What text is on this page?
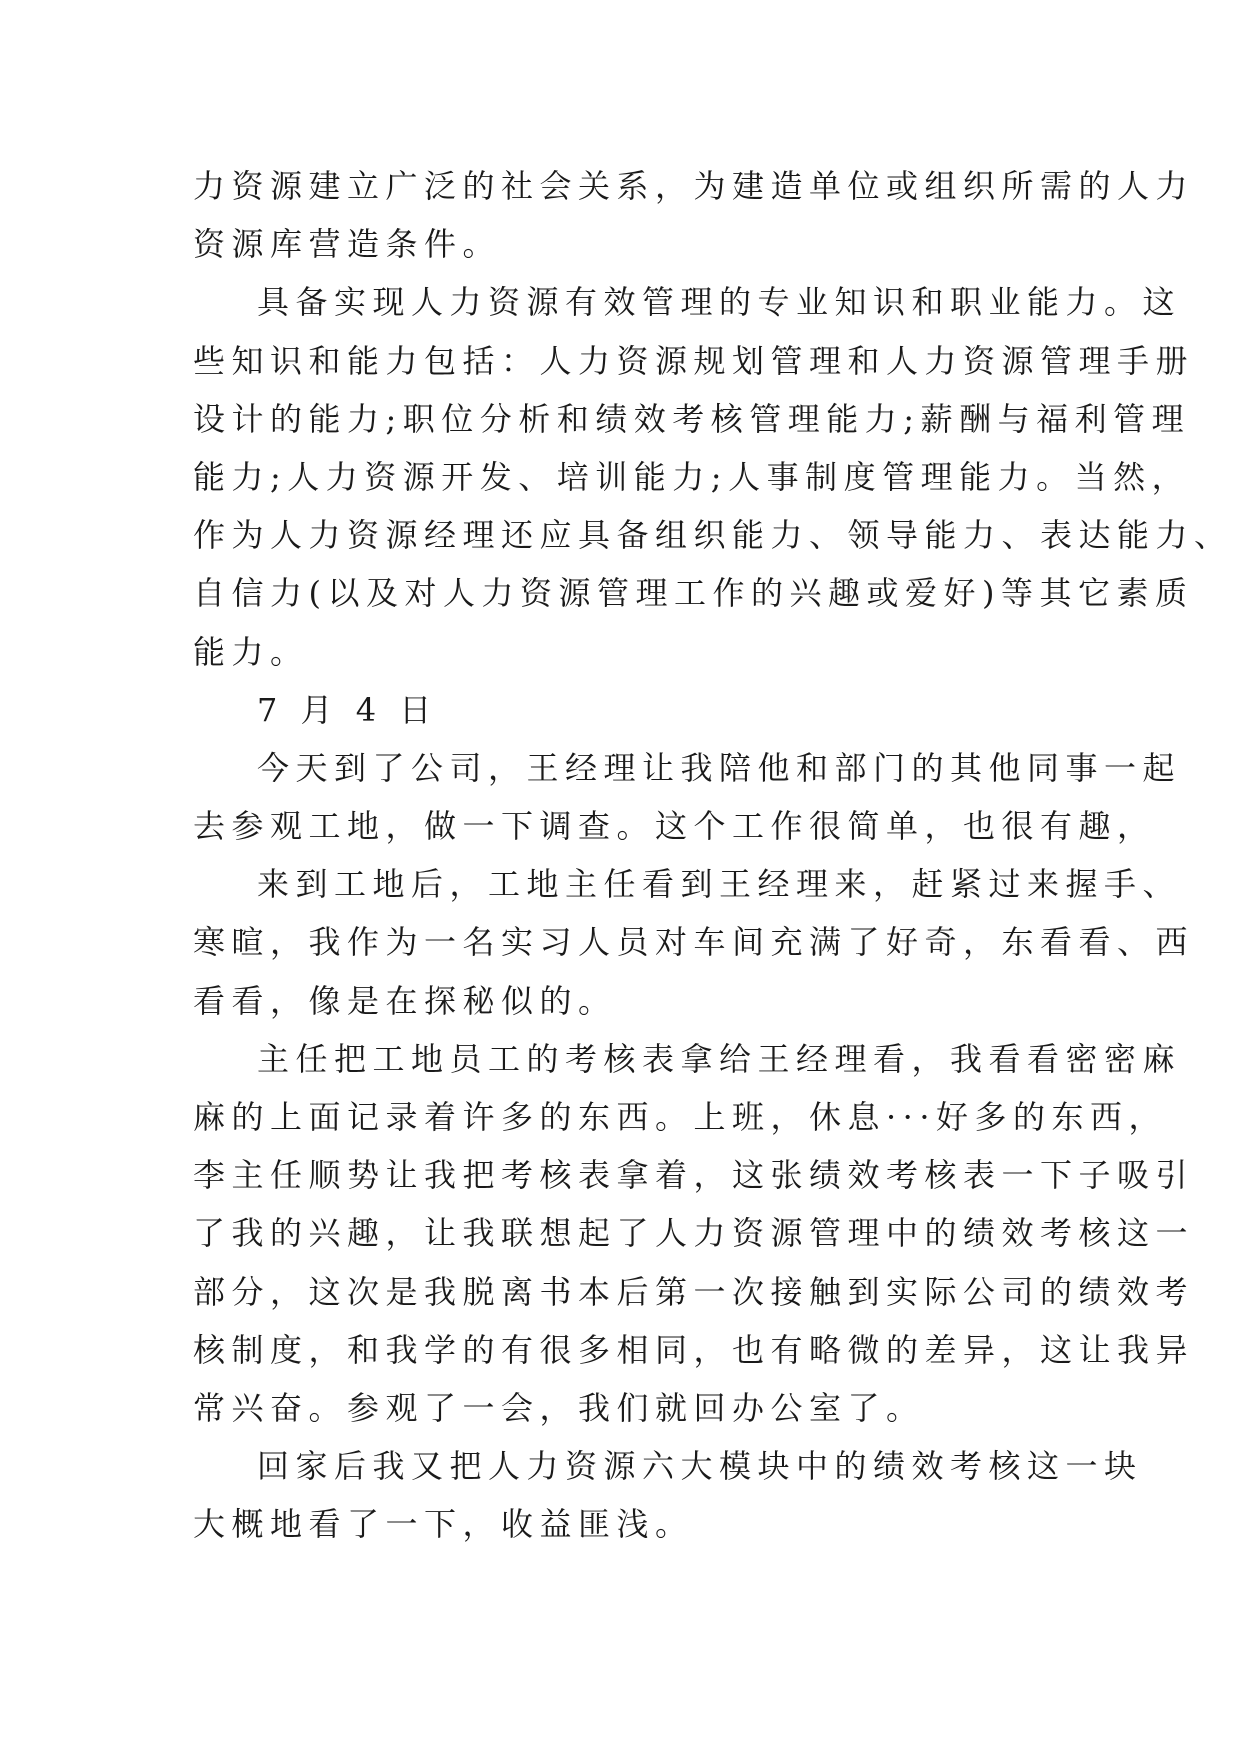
力资源建立广泛的社会关系，为建造单位或组织所需的人力
资源库营造条件。
具备实现人力资源有效管理的专业知识和职业能力。这
些知识和能力包括：人力资源规划管理和人力资源管理手册
设计的能力;职位分析和绩效考核管理能力;薪酬与福利管理
能力;人力资源开发、培训能力;人事制度管理能力。当然，
作为人力资源经理还应具备组织能力、领导能力、表达能力、
自信力(以及对人力资源管理工作的兴趣或爱好)等其它素质
能力。
7 月 4 日
今天到了公司，王经理让我陪他和部门的其他同事一起
去参观工地，做一下调查。这个工作很简单，也很有趣，
来到工地后，工地主任看到王经理来，赶紧过来握手、
寒暄，我作为一名实习人员对车间充满了好奇，东看看、西
看看，像是在探秘似的。
主任把工地员工的考核表拿给王经理看，我看看密密麻
麻的上面记录着许多的东西。上班，休息···好多的东西，
李主任顺势让我把考核表拿着，这张绩效考核表一下子吸引
了我的兴趣，让我联想起了人力资源管理中的绩效考核这一
部分，这次是我脱离书本后第一次接触到实际公司的绩效考
核制度，和我学的有很多相同，也有略微的差异，这让我异
常兴奋。参观了一会，我们就回办公室了。
回家后我又把人力资源六大模块中的绩效考核这一块
大概地看了一下，收益匪浅。
